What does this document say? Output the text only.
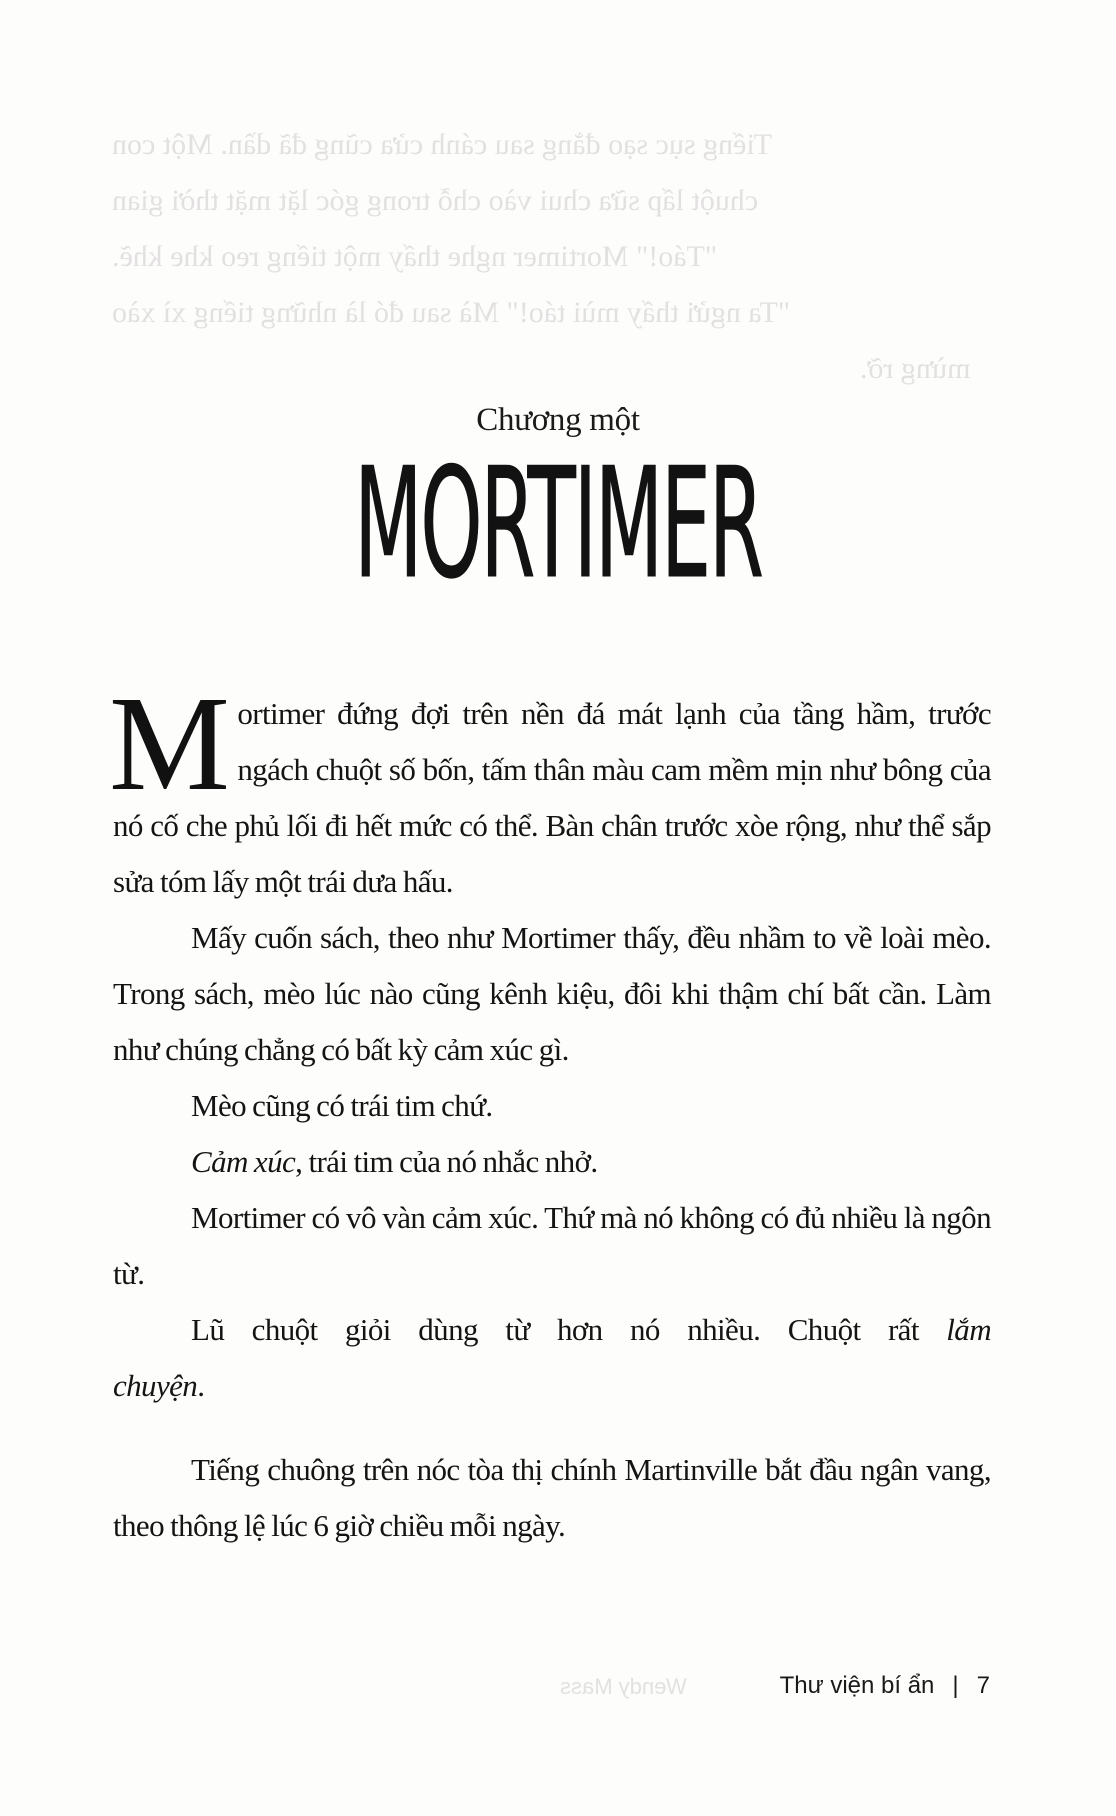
Tiếng sục sạo đằng sau cánh cửa cũng đã dần. Một con
chuột lấp sữa chui vào chỗ trong góc lặt mặt thời gian
"Táo!" Mortimer nghe thấy một tiếng reo khe khẽ.
"Ta ngửi thấy mùi táo!" Mà sau đó là những tiếng xì xào
mừng rỡ.
Wendy Mass
Chương một
MORTIMER

Mortimer đứng đợi trên nền đá mát lạnh của tầng hầm, trước ngách chuột số bốn, tấm thân màu cam mềm mịn như bông của nó cố che phủ lối đi hết mức có thể. Bàn chân trước xòe rộng, như thể sắp sửa tóm lấy một trái dưa hấu.

Mấy cuốn sách, theo như Mortimer thấy, đều nhầm to về loài mèo. Trong sách, mèo lúc nào cũng kênh kiệu, đôi khi thậm chí bất cần. Làm như chúng chẳng có bất kỳ cảm xúc gì.

Mèo cũng có trái tim chứ.

Cảm xúc, trái tim của nó nhắc nhở.

Mortimer có vô vàn cảm xúc. Thứ mà nó không có đủ nhiều là ngôn từ.

Lũ chuột giỏi dùng từ hơn nó nhiều. Chuột rất lắm chuyện.

Tiếng chuông trên nóc tòa thị chính Martinville bắt đầu ngân vang, theo thông lệ lúc 6 giờ chiều mỗi ngày.

Thư viện bí ẩn | 7
